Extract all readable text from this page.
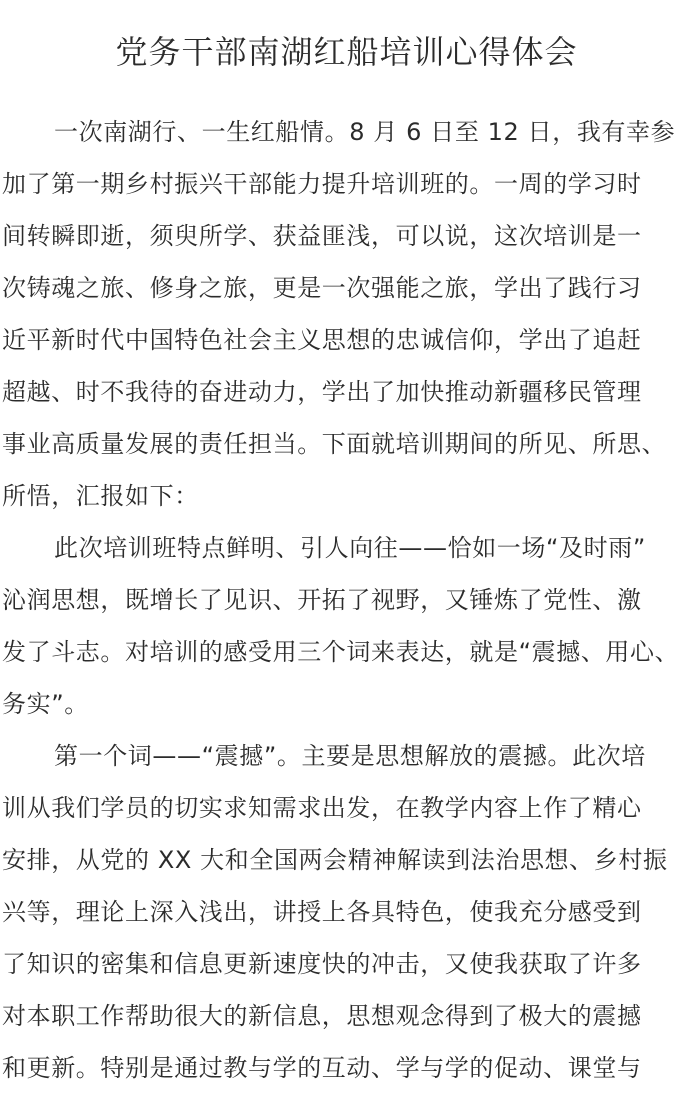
党务干部南湖红船培训心得体会

一次南湖行、一生红船情。8 月 6 日至 12 日，我有幸参
加了第一期乡村振兴干部能力提升培训班的。一周的学习时
间转瞬即逝，须臾所学、获益匪浅，可以说，这次培训是一
次铸魂之旅、修身之旅，更是一次强能之旅，学出了践行习
近平新时代中国特色社会主义思想的忠诚信仰，学出了追赶
超越、时不我待的奋进动力，学出了加快推动新疆移民管理
事业高质量发展的责任担当。下面就培训期间的所见、所思、
所悟，汇报如下：

此次培训班特点鲜明、引人向往——恰如一场“及时雨”
沁润思想，既增长了见识、开拓了视野，又锤炼了党性、激
发了斗志。对培训的感受用三个词来表达，就是“震撼、用心、
务实”。

第一个词——“震撼”。主要是思想解放的震撼。此次培
训从我们学员的切实求知需求出发，在教学内容上作了精心
安排，从党的 XX 大和全国两会精神解读到法治思想、乡村振
兴等，理论上深入浅出，讲授上各具特色，使我充分感受到
了知识的密集和信息更新速度快的冲击，又使我获取了许多
对本职工作帮助很大的新信息，思想观念得到了极大的震撼
和更新。特别是通过教与学的互动、学与学的促动、课堂与
